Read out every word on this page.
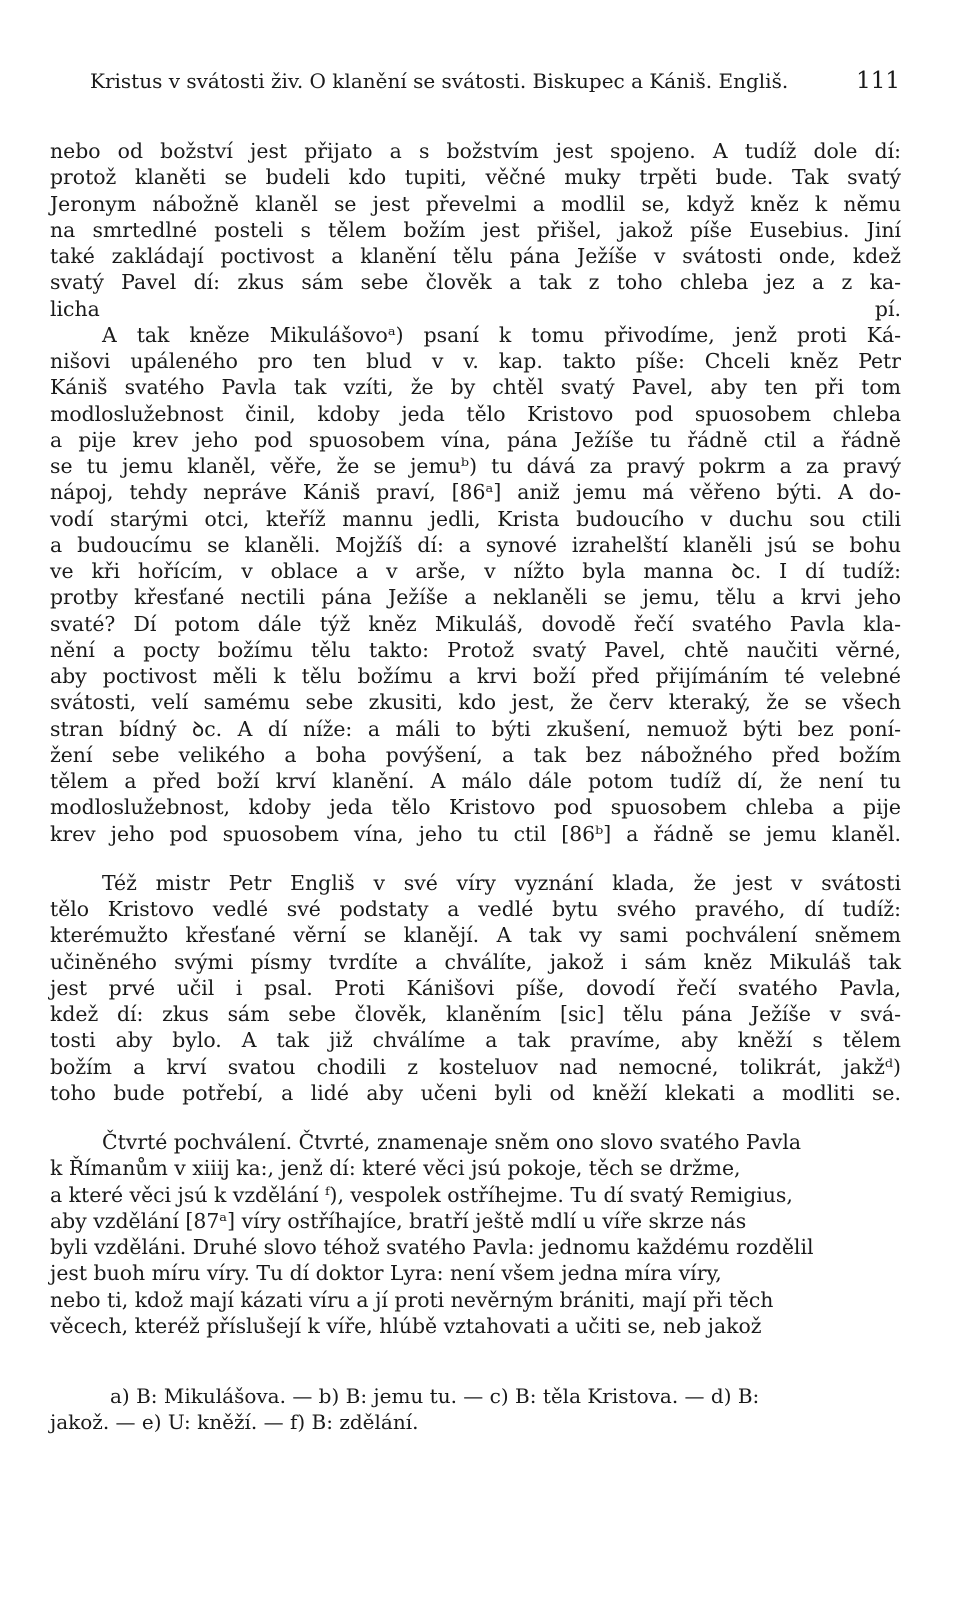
Kristus v svátosti živ. O klanění se svátosti. Biskupec a Kániš. Engliš.	111

nebo od božství jest přijato a s božstvím jest spojeno. A tudíž dole dí:
protož klaněti se budeli kdo tupiti, věčné muky trpěti bude. Tak svatý
Jeronym nábožně klaněl se jest převelmi a modlil se, když kněz k němu
na smrtedlné posteli s tělem božím jest přišel, jakož píše Eusebius. Jiní
také zakládají poctivost a klanění tělu pána Ježíše v svátosti onde, kdež
svatý Pavel dí: zkus sám sebe člověk a tak z toho chleba jez a z ka-
licha pí.

A tak kněze Mikulášovoᵃ) psaní k tomu přivodíme, jenž proti Ká-
nišovi upáleného pro ten blud v v. kap. takto píše: Chceli kněz Petr
Kániš svatého Pavla tak vzíti, že by chtěl svatý Pavel, aby ten při tom
modloslužebnost činil, kdoby jeda tělo Kristovo pod spuosobem chleba
a pije krev jeho pod spuosobem vína, pána Ježíše tu řádně ctil a řádně
se tu jemu klaněl, věře, že se jemuᵇ) tu dává za pravý pokrm a za pravý
nápoj, tehdy nepráve Kániš praví, [86ᵃ] aniž jemu má věřeno býti. A do-
vodí starými otci, kteříž mannu jedli, Krista budoucího v duchu sou ctili
a budoucímu se klaněli. Mojžíš dí: a synové izrahelští klaněli jsú se bohu
ve kři hořícím, v oblace a v arše, v nížto byla manna ꝺc. I dí tudíž:
protby křesťané nectili pána Ježíše a neklaněli se jemu, tělu a krvi jeho
svaté? Dí potom dále týž kněz Mikuláš, dovodě řečí svatého Pavla kla-
nění a pocty božímu tělu takto: Protož svatý Pavel, chtě naučiti věrné,
aby poctivost měli k tělu božímu a krvi boží před přijímáním té velebné
svátosti, velí samému sebe zkusiti, kdo jest, že červ kteraký, že se všech
stran bídný ꝺc. A dí níže: a máli to býti zkušení, nemuož býti bez poní-
žení sebe velikého a boha povýšení, a tak bez nábožného před božím
tělem a před boží krví klanění. A málo dále potom tudíž dí, že není tu
modloslužebnost, kdoby jeda tělo Kristovo pod spuosobem chleba a pije
krev jeho pod spuosobem vína, jeho tu ctil [86ᵇ] a řádně se jemu klaněl.

Též mistr Petr Engliš v své víry vyznání klada, že jest v svátosti
tělo Kristovo vedlé své podstaty a vedlé bytu svého pravého, dí tudíž:
kterémužto křesťané věrní se klanějí. A tak vy sami pochválení sněmem
učiněného svými písmy tvrdíte a chválíte, jakož i sám kněz Mikuláš tak
jest prvé učil i psal. Proti Kánišovi píše, dovodí řečí svatého Pavla,
kdež dí: zkus sám sebe člověk, klaněním [sic] tělu pána Ježíše v svá-
tosti aby bylo. A tak již chválíme a tak pravíme, aby kněží s tělem
božím a krví svatou chodili z kosteluov nad nemocné, tolikrát, jakžᵈ)
toho bude potřebí, a lidé aby učeni byli od kněží klekati a modliti se.

Čtvrté pochválení. Čtvrté, znamenaje sněm ono slovo svatého Pavla
k Římanům v xiiij ka:, jenž dí: které věci jsú pokoje, těch se držme,
a které věci jsú k vzdělání ᶠ), vespolek ostříhejme. Tu dí svatý Remigius,
aby vzdělání [87ᵃ] víry ostříhajíce, bratří ještě mdlí u víře skrze nás
byli vzděláni. Druhé slovo téhož svatého Pavla: jednomu každému rozdělil
jest buoh míru víry. Tu dí doktor Lyra: není všem jedna míra víry,
nebo ti, kdož mají kázati víru a jí proti nevěrným brániti, mají při těch
věcech, kteréž příslušejí k víře, hlúbě vztahovati a učiti se, neb jakož

a) B: Mikulášova. — b) B: jemu tu. — c) B: těla Kristova. — d) B:
jakož. — e) U: kněží. — f) B: zdělání.
